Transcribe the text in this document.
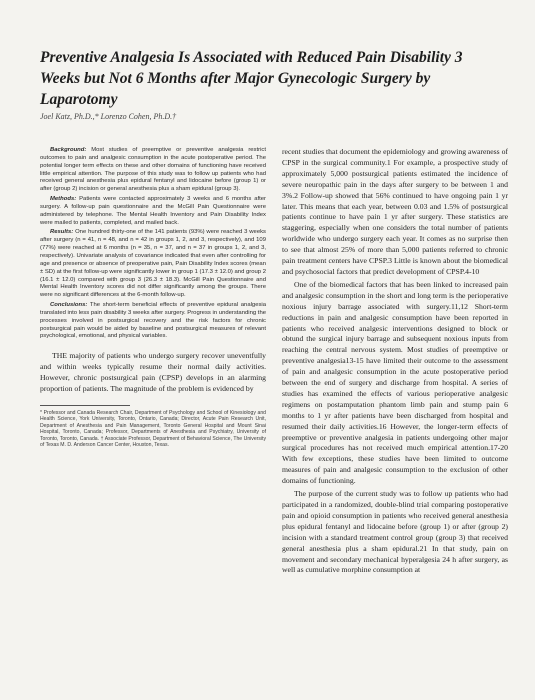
Preventive Analgesia Is Associated with Reduced Pain Disability 3 Weeks but Not 6 Months after Major Gynecologic Surgery by Laparotomy
Joel Katz, Ph.D.,* Lorenzo Cohen, Ph.D.†

Background: Most studies of preemptive or preventive analgesia restrict outcomes to pain and analgesic consumption in the acute postoperative period. The potential longer term effects on these and other domains of functioning have received little empirical attention. The purpose of this study was to follow up patients who had received general anesthesia plus epidural fentanyl and lidocaine before (group 1) or after (group 2) incision or general anesthesia plus a sham epidural (group 3).

Methods: Patients were contacted approximately 3 weeks and 6 months after surgery. A follow-up pain questionnaire and the McGill Pain Questionnaire were administered by telephone. The Mental Health Inventory and Pain Disability Index were mailed to patients, completed, and mailed back.

Results: One hundred thirty-one of the 141 patients (93%) were reached 3 weeks after surgery (n = 41, n = 48, and n = 42 in groups 1, 2, and 3, respectively), and 109 (77%) were reached at 6 months (n = 35, n = 37, and n = 37 in groups 1, 2, and 3, respectively). Univariate analysis of covariance indicated that even after controlling for age and presence or absence of preoperative pain, Pain Disability Index scores (mean ± SD) at the first follow-up were significantly lower in group 1 (17.3 ± 12.0) and group 2 (16.1 ± 12.0) compared with group 3 (26.3 ± 18.3). McGill Pain Questionnaire and Mental Health Inventory scores did not differ significantly among the groups. There were no significant differences at the 6-month follow-up.

Conclusions: The short-term beneficial effects of preventive epidural analgesia translated into less pain disability 3 weeks after surgery. Progress in understanding the processes involved in postsurgical recovery and the risk factors for chronic postsurgical pain would be aided by baseline and postsurgical measures of relevant psychological, emotional, and physical variables.

THE majority of patients who undergo surgery recover uneventfully and within weeks typically resume their normal daily activities. However, chronic postsurgical pain (CPSP) develops in an alarming proportion of patients. The magnitude of the problem is evidenced by

* Professor and Canada Research Chair, Department of Psychology and School of Kinesiology and Health Science, York University, Toronto, Ontario, Canada; Director, Acute Pain Research Unit, Department of Anesthesia and Pain Management, Toronto General Hospital and Mount Sinai Hospital, Toronto, Canada; Professor, Departments of Anesthesia and Psychiatry, University of Toronto, Toronto, Canada. † Associate Professor, Department of Behavioral Science, The University of Texas M. D. Anderson Cancer Center, Houston, Texas.

recent studies that document the epidemiology and growing awareness of CPSP in the surgical community.1 For example, a prospective study of approximately 5,000 postsurgical patients estimated the incidence of severe neuropathic pain in the days after surgery to be between 1 and 3%.2 Follow-up showed that 56% continued to have ongoing pain 1 yr later. This means that each year, between 0.03 and 1.5% of postsurgical patients continue to have pain 1 yr after surgery. These statistics are staggering, especially when one considers the total number of patients worldwide who undergo surgery each year. It comes as no surprise then to see that almost 25% of more than 5,000 patients referred to chronic pain treatment centers have CPSP.3 Little is known about the biomedical and psychosocial factors that predict development of CPSP.4-10

One of the biomedical factors that has been linked to increased pain and analgesic consumption in the short and long term is the perioperative noxious injury barrage associated with surgery.11,12 Short-term reductions in pain and analgesic consumption have been reported in patients who received analgesic interventions designed to block or obtund the surgical injury barrage and subsequent noxious inputs from reaching the central nervous system. Most studies of preemptive or preventive analgesia13-15 have limited their outcome to the assessment of pain and analgesic consumption in the acute postoperative period between the end of surgery and discharge from hospital. A series of studies has examined the effects of various perioperative analgesic regimens on postamputation phantom limb pain and stump pain 6 months to 1 yr after patients have been discharged from hospital and resumed their daily activities.16 However, the longer-term effects of preemptive or preventive analgesia in patients undergoing other major surgical procedures has not received much empirical attention.17-20 With few exceptions, these studies have been limited to outcome measures of pain and analgesic consumption to the exclusion of other domains of functioning.

The purpose of the current study was to follow up patients who had participated in a randomized, double-blind trial comparing postoperative pain and opioid consumption in patients who received general anesthesia plus epidural fentanyl and lidocaine before (group 1) or after (group 2) incision with a standard treatment control group (group 3) that received general anesthesia plus a sham epidural.21 In that study, pain on movement and secondary mechanical hyperalgesia 24 h after surgery, as well as cumulative morphine consumption at
